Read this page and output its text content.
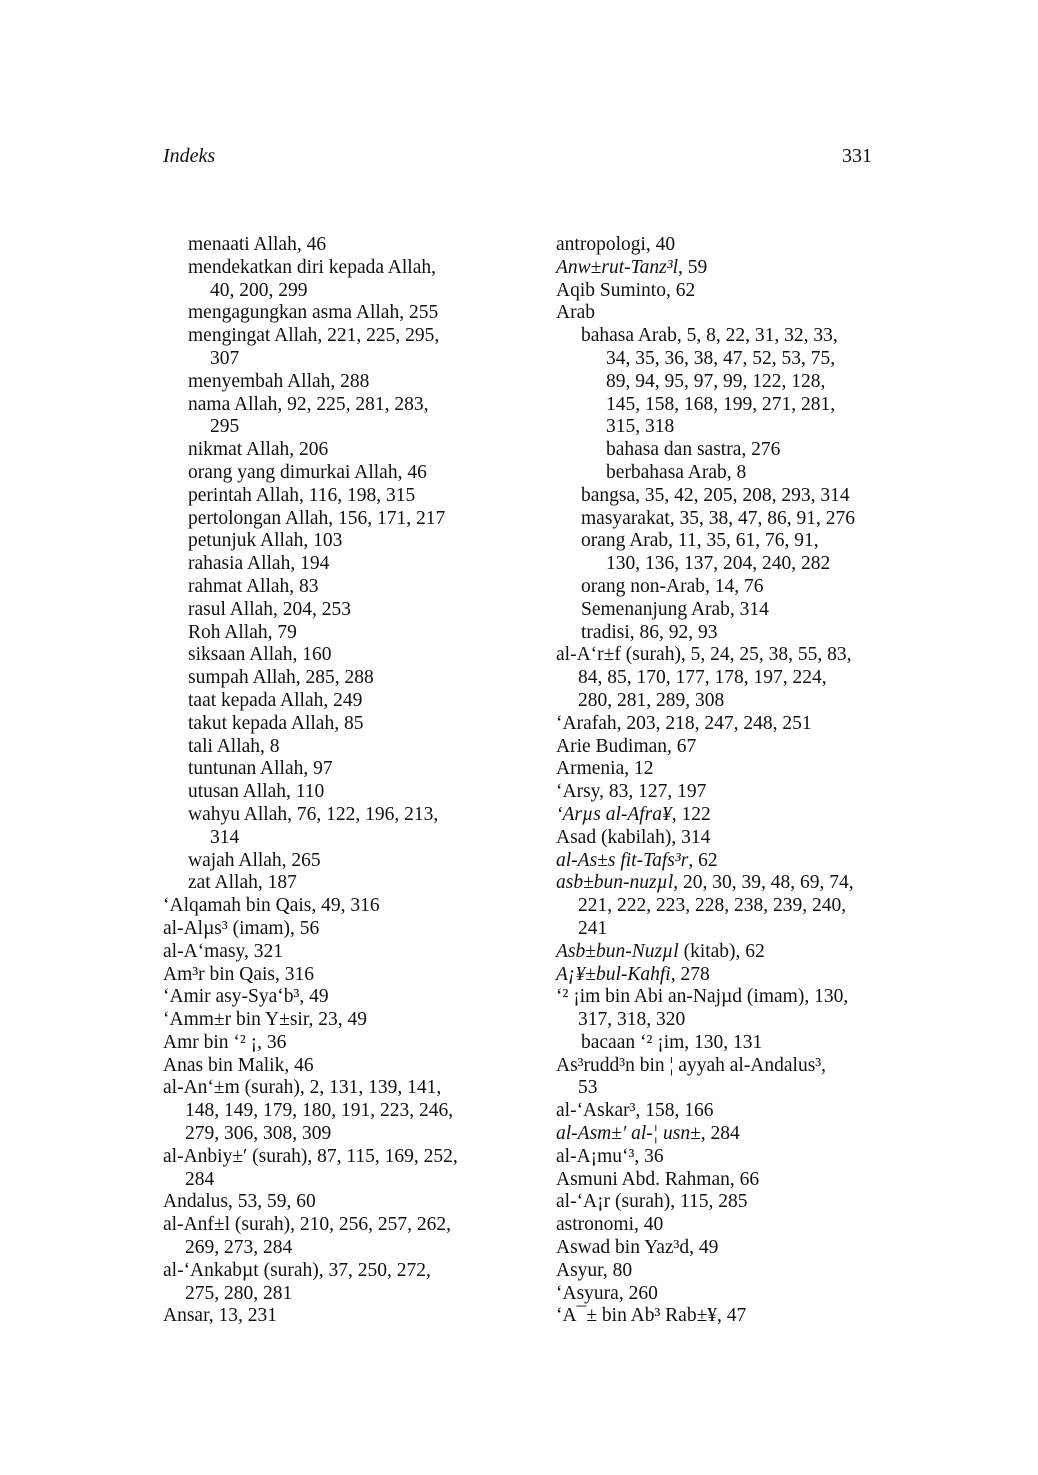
Indeks	331
menaati Allah, 46
mendekatkan diri kepada Allah,
40, 200, 299
mengagungkan asma Allah, 255
mengingat Allah, 221, 225, 295,
307
menyembah Allah, 288
nama Allah, 92, 225, 281, 283,
295
nikmat Allah, 206
orang yang dimurkai Allah, 46
perintah Allah, 116, 198, 315
pertolongan Allah, 156, 171, 217
petunjuk Allah, 103
rahasia Allah, 194
rahmat Allah, 83
rasul Allah, 204, 253
Roh Allah, 79
siksaan Allah, 160
sumpah Allah, 285, 288
taat kepada Allah, 249
takut kepada Allah, 85
tali Allah, 8
tuntunan Allah, 97
utusan Allah, 110
wahyu Allah, 76, 122, 196, 213,
314
wajah Allah, 265
zat Allah, 187
‘Alqamah bin Qais, 49, 316
al-Alµs³ (imam), 56
al-A‘masy, 321
Am³r bin Qais, 316
‘Amir asy-Sya‘b³, 49
‘Amm±r bin Y±sir, 23, 49
Amr bin ‘² ¡, 36
Anas bin Malik, 46
al-An‘±m (surah), 2, 131, 139, 141,
148, 149, 179, 180, 191, 223, 246,
279, 306, 308, 309
al-Anbiy±′ (surah), 87, 115, 169, 252,
284
Andalus, 53, 59, 60
al-Anf±l (surah), 210, 256, 257, 262,
269, 273, 284
al-‘Ankabµt (surah), 37, 250, 272,
275, 280, 281
Ansar, 13, 231
antropologi, 40
Anw±rut-Tanz³l, 59
Aqib Suminto, 62
Arab
bahasa Arab, 5, 8, 22, 31, 32, 33,
34, 35, 36, 38, 47, 52, 53, 75,
89, 94, 95, 97, 99, 122, 128,
145, 158, 168, 199, 271, 281,
315, 318
bahasa dan sastra, 276
berbahasa Arab, 8
bangsa, 35, 42, 205, 208, 293, 314
masyarakat, 35, 38, 47, 86, 91, 276
orang Arab, 11, 35, 61, 76, 91,
130, 136, 137, 204, 240, 282
orang non-Arab, 14, 76
Semenanjung Arab, 314
tradisi, 86, 92, 93
al-A‘r±f (surah), 5, 24, 25, 38, 55, 83,
84, 85, 170, 177, 178, 197, 224,
280, 281, 289, 308
‘Arafah, 203, 218, 247, 248, 251
Arie Budiman, 67
Armenia, 12
‘Arsy, 83, 127, 197
‘Arµs al-Afra¥, 122
Asad (kabilah), 314
al-As±s fit-Tafs³r, 62
asb±bun-nuzµl, 20, 30, 39, 48, 69, 74,
221, 222, 223, 228, 238, 239, 240,
241
Asb±bun-Nuzµl (kitab), 62
A¡¥±bul-Kahfi, 278
‘² ¡im bin Abi an-Najµd (imam), 130,
317, 318, 320
bacaan ‘² ¡im, 130, 131
As³rudd³n bin ¦ ayyah al-Andalus³,
53
al-‘Askar³, 158, 166
al-Asm±′ al-¦ usn±, 284
al-A¡mu‘³, 36
Asmuni Abd. Rahman, 66
al-‘A¡r (surah), 115, 285
astronomi, 40
Aswad bin Yaz³d, 49
Asyur, 80
‘Asyura, 260
‘A¯± bin Ab³ Rab±¥, 47
